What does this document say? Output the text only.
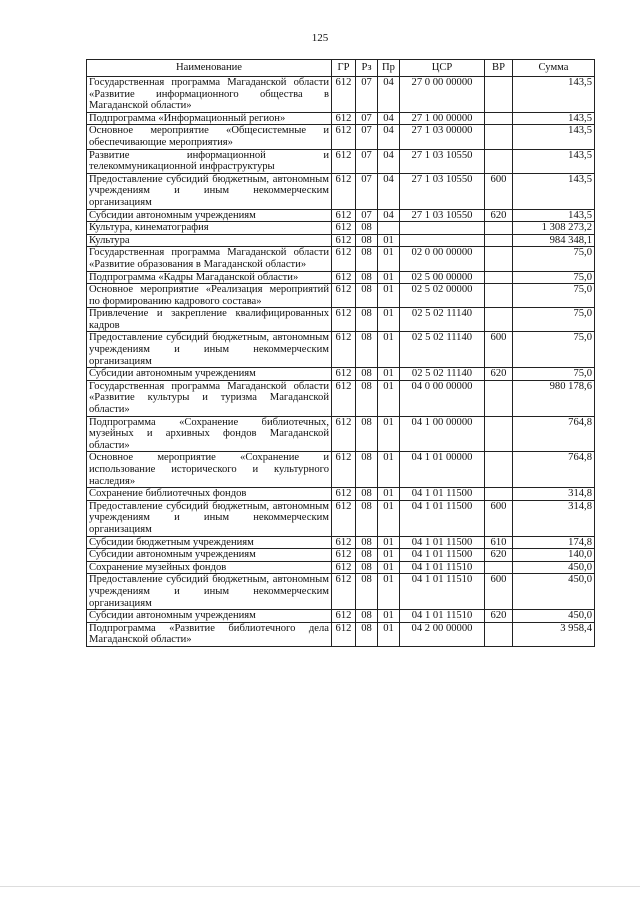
125
Наименование	ГР	Рз	Пр	ЦСР	ВР	Сумма
Государственная программа Магаданской области «Развитие информационного общества в Магаданской области»	612	07	04	27 0 00 00000		143,5
Подпрограмма «Информационный регион»	612	07	04	27 1 00 00000		143,5
Основное мероприятие «Общесистемные и обеспечивающие мероприятия»	612	07	04	27 1 03 00000		143,5
Развитие информационной и телекоммуникационной инфраструктуры	612	07	04	27 1 03 10550		143,5
Предоставление субсидий бюджетным, автономным учреждениям и иным некоммерческим организациям	612	07	04	27 1 03 10550	600	143,5
Субсидии автономным учреждениям	612	07	04	27 1 03 10550	620	143,5
Культура, кинематография	612	08				1 308 273,2
Культура	612	08	01			984 348,1
Государственная программа Магаданской области «Развитие образования в Магаданской области»	612	08	01	02 0 00 00000		75,0
Подпрограмма «Кадры Магаданской области»	612	08	01	02 5 00 00000		75,0
Основное мероприятие «Реализация мероприятий по формированию кадрового состава»	612	08	01	02 5 02 00000		75,0
Привлечение и закрепление квалифицированных кадров	612	08	01	02 5 02 11140		75,0
Предоставление субсидий бюджетным, автономным учреждениям и иным некоммерческим организациям	612	08	01	02 5 02 11140	600	75,0
Субсидии автономным учреждениям	612	08	01	02 5 02 11140	620	75,0
Государственная программа Магаданской области «Развитие культуры и туризма Магаданской области»	612	08	01	04 0 00 00000		980 178,6
Подпрограмма «Сохранение библиотечных, музейных и архивных фондов Магаданской области»	612	08	01	04 1 00 00000		764,8
Основное мероприятие «Сохранение и использование исторического и культурного наследия»	612	08	01	04 1 01 00000		764,8
Сохранение библиотечных фондов	612	08	01	04 1 01 11500		314,8
Предоставление субсидий бюджетным, автономным учреждениям и иным некоммерческим организациям	612	08	01	04 1 01 11500	600	314,8
Субсидии бюджетным учреждениям	612	08	01	04 1 01 11500	610	174,8
Субсидии автономным учреждениям	612	08	01	04 1 01 11500	620	140,0
Сохранение музейных фондов	612	08	01	04 1 01 11510		450,0
Предоставление субсидий бюджетным, автономным учреждениям и иным некоммерческим организациям	612	08	01	04 1 01 11510	600	450,0
Субсидии автономным учреждениям	612	08	01	04 1 01 11510	620	450,0
Подпрограмма «Развитие библиотечного дела Магаданской области»	612	08	01	04 2 00 00000		3 958,4
